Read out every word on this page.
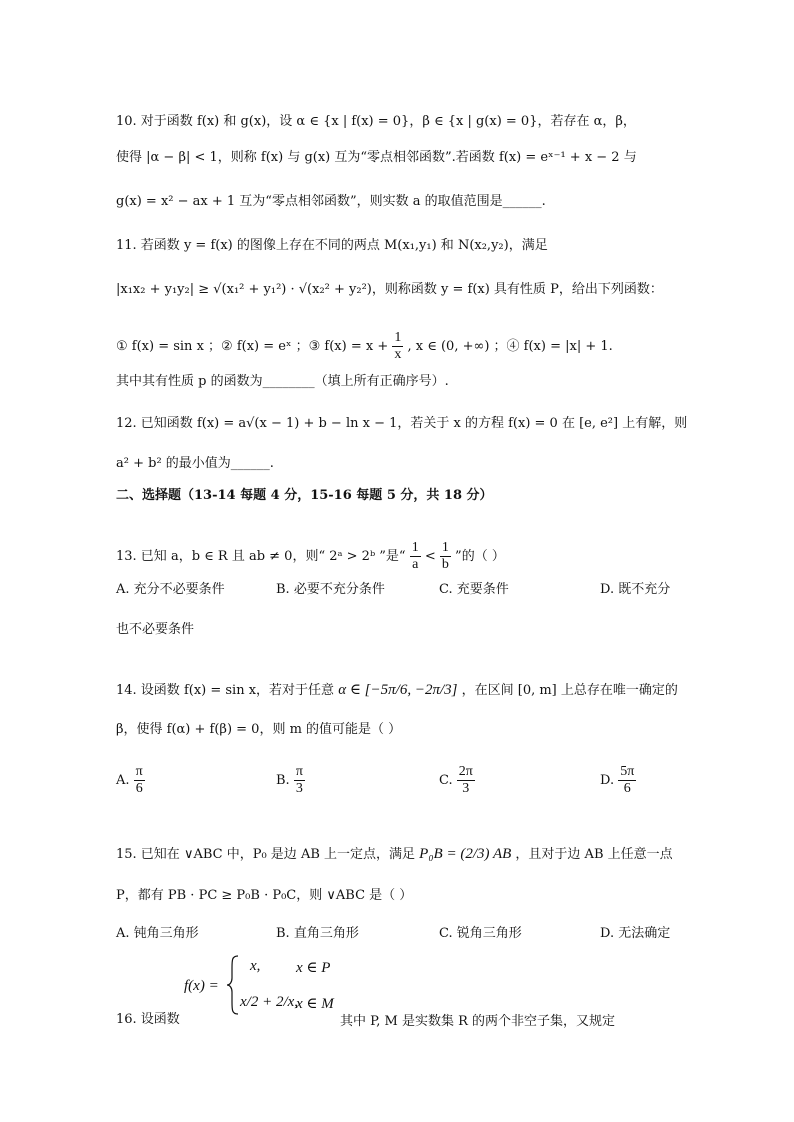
10. 对于函数 f(x) 和 g(x)，设 α ∈ {x | f(x) = 0}，β ∈ {x | g(x) = 0}，若存在 α，β，
使得 |α − β| < 1，则称 f(x) 与 g(x) 互为“零点相邻函数”.若函数 f(x) = eˣ⁻¹ + x − 2 与
g(x) = x² − ax + 1 互为“零点相邻函数”，则实数 a 的取值范围是______.
11. 若函数 y = f(x) 的图像上存在不同的两点 M(x₁,y₁) 和 N(x₂,y₂)，满足
|x₁x₂ + y₁y₂| ≥ √(x₁² + y₁²) · √(x₂² + y₂²)，则称函数 y = f(x) 具有性质 P，给出下列函数：
① f(x) = sin x ；② f(x) = eˣ ；③ $f(x) = x + \frac{1}{x}$ , x ∈ (0, +∞) ；④ f(x) = |x| + 1.
其中其有性质 p 的函数为________（填上所有正确序号）.
12. 已知函数 f(x) = a√(x − 1) + b − ln x − 1，若关于 x 的方程 f(x) = 0 在 [e, e²] 上有解，则
a² + b² 的最小值为______.
二、选择题（13-14 每题 4 分，15-16 每题 5 分，共 18 分）
13. 已知 a，b ∈ R 且 ab ≠ 0，则“ 2ᵃ > 2ᵇ ”是“ $\frac{1}{a} < \frac{1}{b}$ ”的（ ）
A. 充分不必要条件	B. 必要不充分条件	C. 充要条件	D. 既不充分
也不必要条件
14. 设函数 f(x) = sin x，若对于任意 α ∈ [−5π/6, −2π/3] ，在区间 [0, m] 上总存在唯一确定的
β，使得 f(α) + f(β) = 0，则 m 的值可能是（ ）
A. $\frac{\pi}{6}$	B. $\frac{\pi}{3}$	C. $\frac{2\pi}{3}$	D. $\frac{5\pi}{6}$
15. 已知在 ∨ABC 中，P₀ 是边 AB 上一定点，满足 P₀B = (2/3) AB ，且对于边 AB 上任意一点
P，都有 PB · PC ≥ P₀B · P₀C，则 ∨ABC 是（ ）
A. 钝角三角形	B. 直角三角形	C. 锐角三角形	D. 无法确定
16. 设函数
f(x) =
x, x ∈ P
x/2 + 2/x,
x ∈ M
其中 P, M 是实数集 R 的两个非空子集，又规定
